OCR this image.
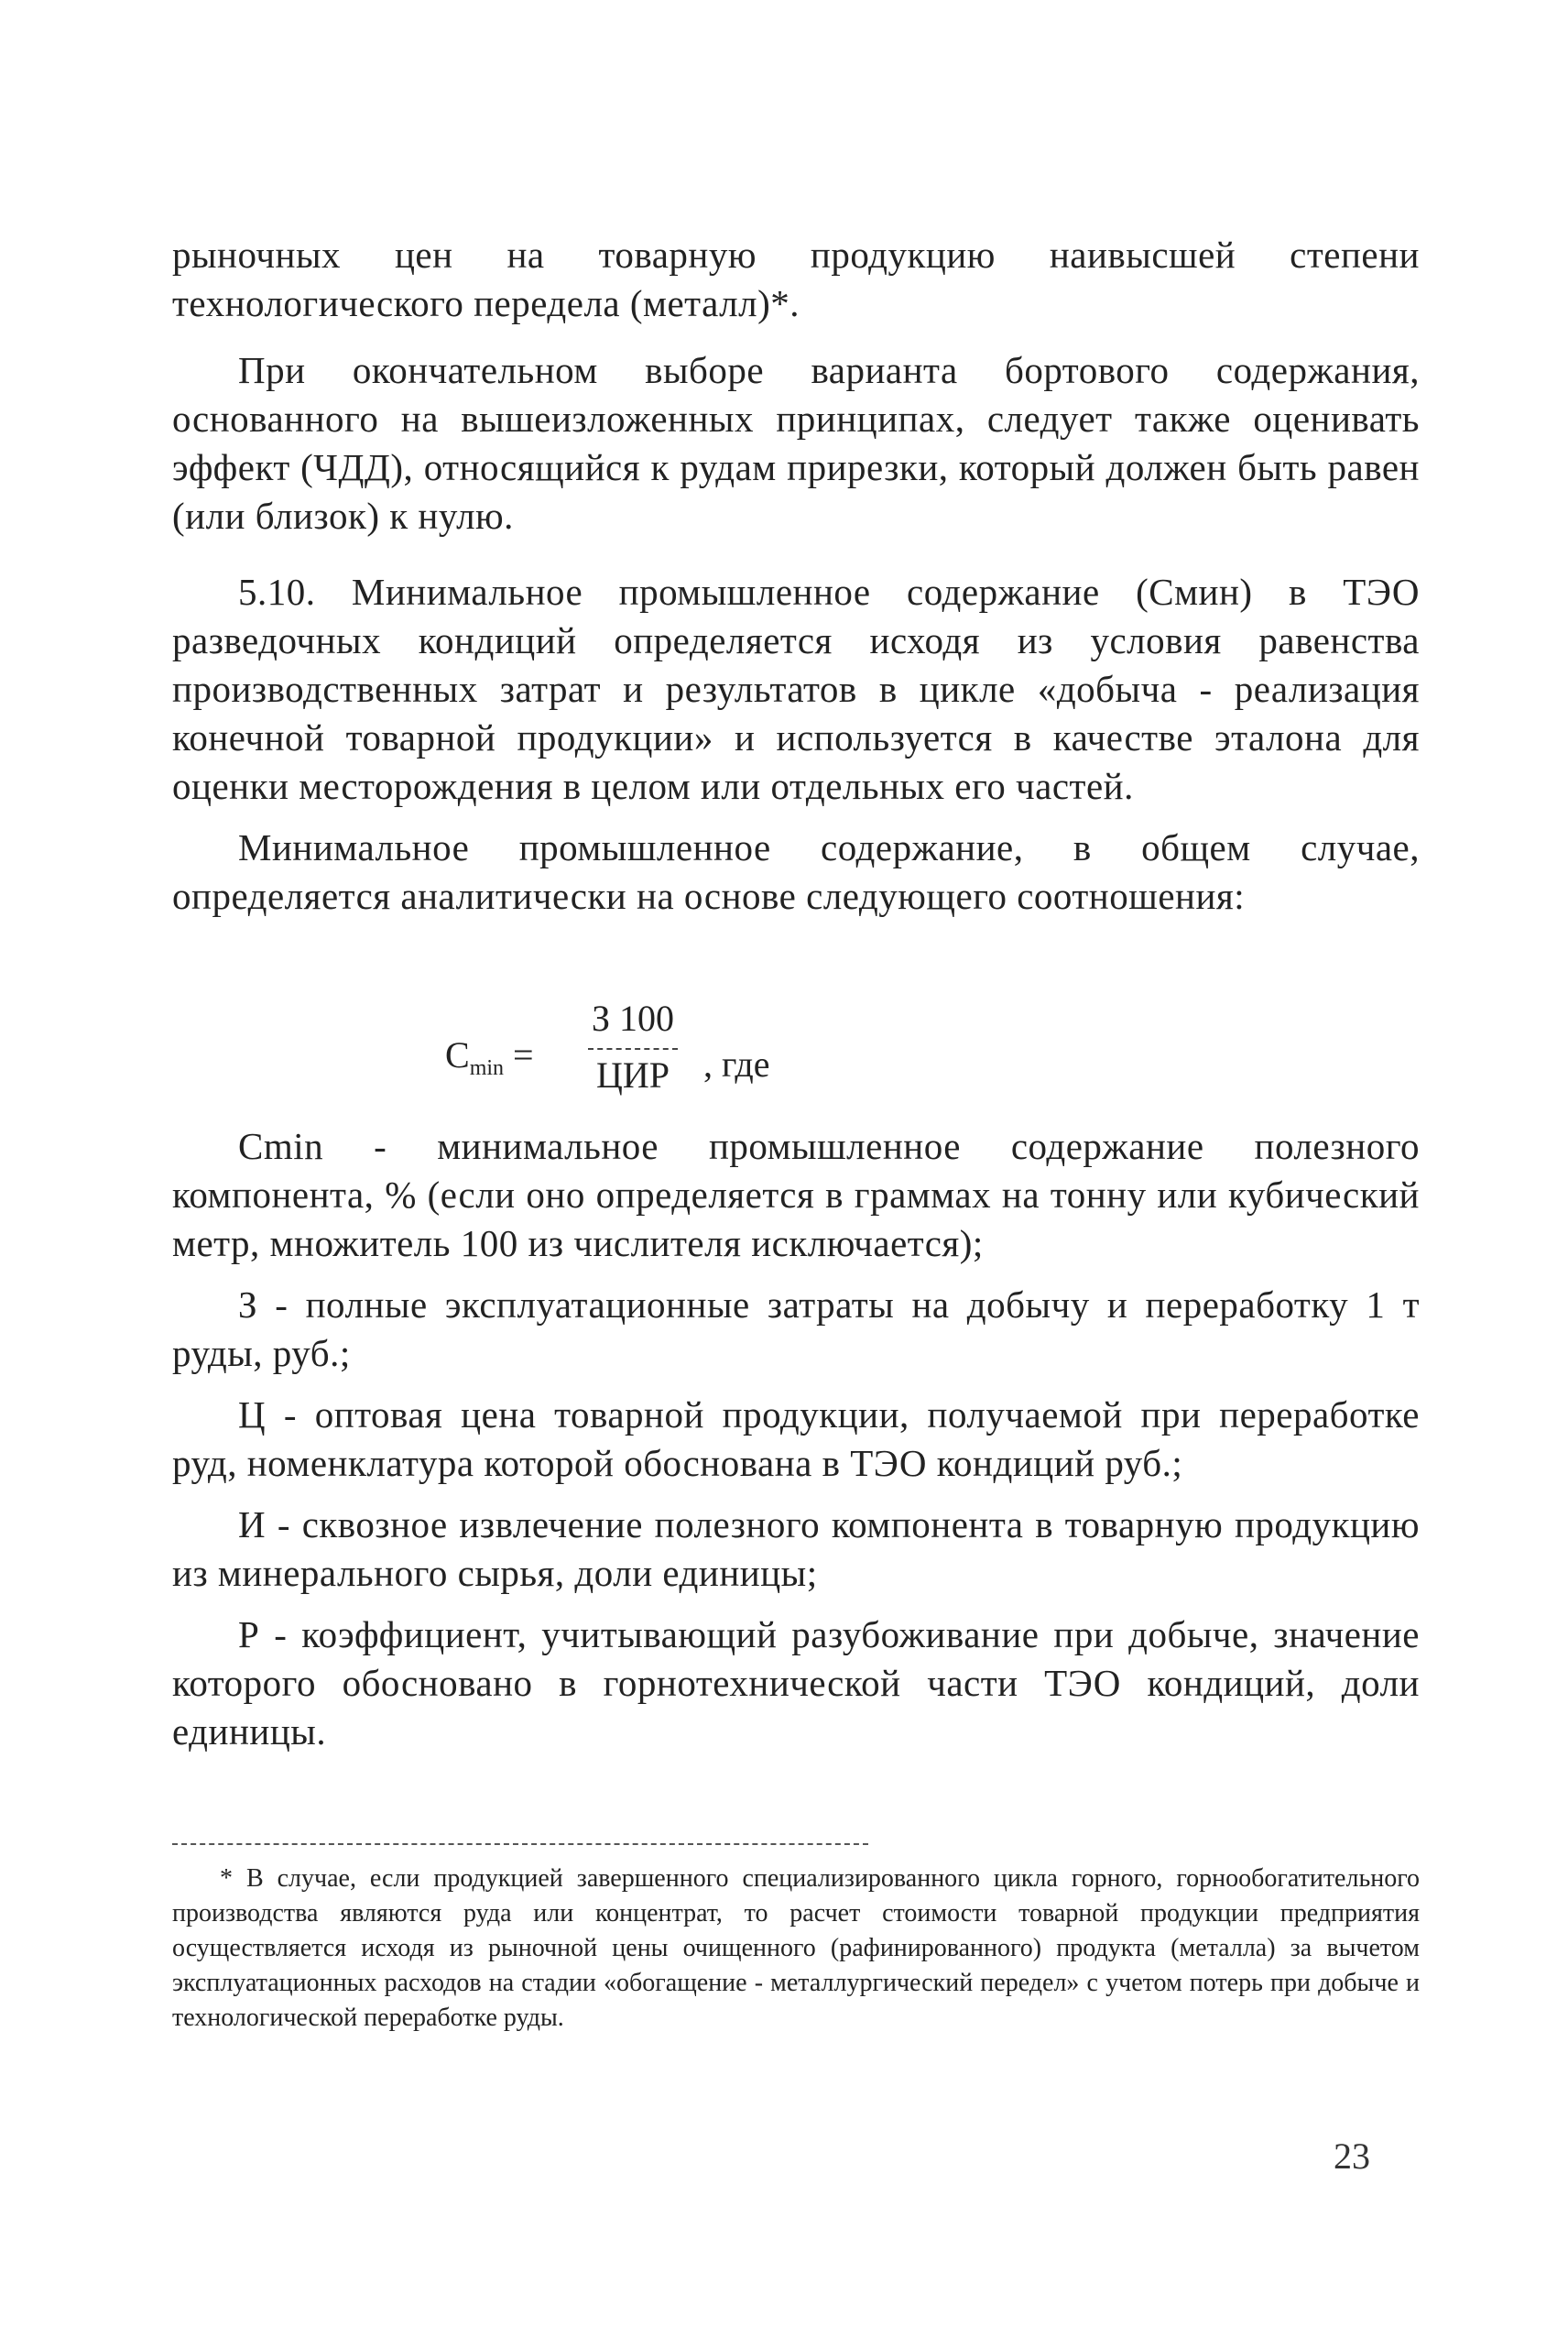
рыночных цен на товарную продукцию наивысшей степени технологического передела (металл)*.

При окончательном выборе варианта бортового содержания, основанного на вышеизложенных принципах, следует также оценивать эффект (ЧДД), относящийся к рудам прирезки, который должен быть равен (или близок) к нулю.

5.10. Минимальное промышленное содержание (Смин) в ТЭО разведочных кондиций определяется исходя из условия равенства производственных затрат и результатов в цикле «добыча - реализация конечной товарной продукции» и используется в качестве эталона для оценки месторождения в целом или отдельных его частей.

Минимальное промышленное содержание, в общем случае, определяется аналитически на основе следующего соотношения:

$C_{min}$ =
З 100
ЦИР , где

Cmin - минимальное промышленное содержание полезного компонента, % (если оно определяется в граммах на тонну или кубический метр, множитель 100 из числителя исключается);

З - полные эксплуатационные затраты на добычу и переработку 1 т руды, руб.;

Ц - оптовая цена товарной продукции, получаемой при переработке руд, номенклатура которой обоснована в ТЭО кондиций руб.;

И - сквозное извлечение полезного компонента в товарную продукцию из минерального сырья, доли единицы;

Р - коэффициент, учитывающий разубоживание при добыче, значение которого обосновано в горнотехнической части ТЭО кондиций, доли единицы.

* В случае, если продукцией завершенного специализированного цикла горного, горнообогатительного производства являются руда или концентрат, то расчет стоимости товарной продукции предприятия осуществляется исходя из рыночной цены очищенного (рафинированного) продукта (металла) за вычетом эксплуатационных расходов на стадии «обогащение - металлургический передел» с учетом потерь при добыче и технологической переработке руды.

23
